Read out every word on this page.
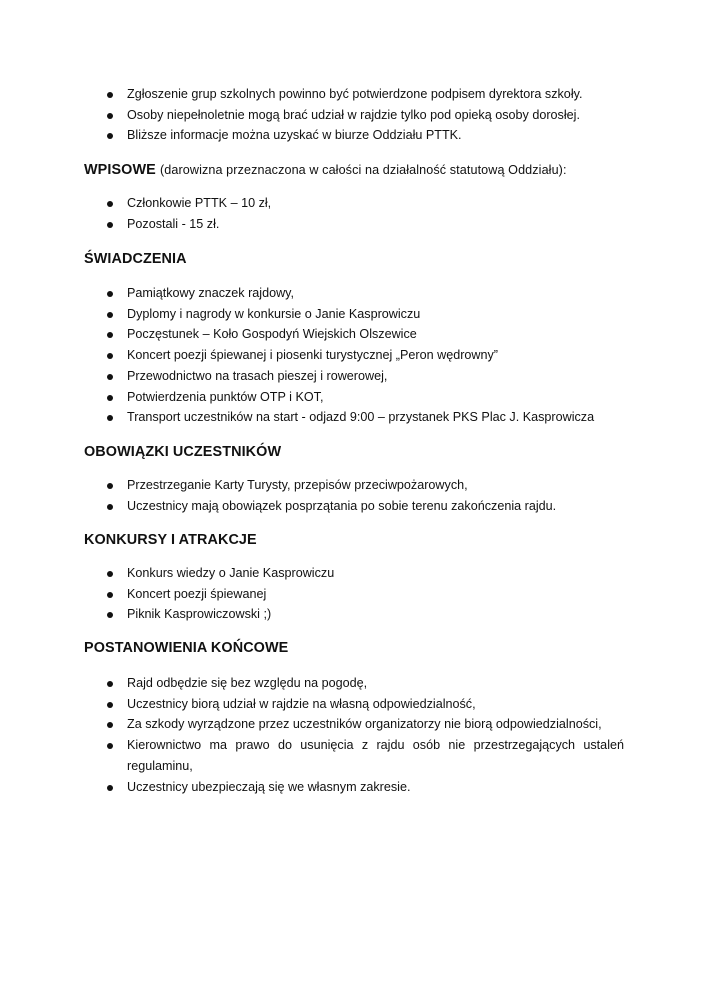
Zgłoszenie grup szkolnych powinno być potwierdzone podpisem dyrektora szkoły.
Osoby niepełnoletnie mogą brać udział w rajdzie tylko pod opieką osoby dorosłej.
Bliższe informacje można uzyskać w biurze Oddziału PTTK.
WPISOWE (darowizna przeznaczona w całości na działalność statutową Oddziału):
Członkowie PTTK – 10 zł,
Pozostali - 15 zł.
ŚWIADCZENIA
Pamiątkowy znaczek rajdowy,
Dyplomy i nagrody w konkursie o Janie Kasprowiczu
Poczęstunek – Koło Gospodyń Wiejskich Olszewice
Koncert poezji śpiewanej i piosenki turystycznej „Peron wędrowny”
Przewodnictwo na trasach pieszej i rowerowej,
Potwierdzenia punktów OTP i KOT,
Transport uczestników na start - odjazd 9:00 – przystanek PKS Plac J. Kasprowicza
OBOWIĄZKI UCZESTNIKÓW
Przestrzeganie Karty Turysty, przepisów przeciwpożarowych,
Uczestnicy mają obowiązek posprzątania po sobie terenu zakończenia rajdu.
KONKURSY I ATRAKCJE
Konkurs wiedzy o Janie Kasprowiczu
Koncert poezji śpiewanej
Piknik Kasprowiczowski ;)
POSTANOWIENIA KOŃCOWE
Rajd odbędzie się bez względu na pogodę,
Uczestnicy biorą udział w rajdzie na własną odpowiedzialność,
Za szkody wyrządzone przez uczestników organizatorzy nie biorą odpowiedzialności,
Kierownictwo ma prawo do usunięcia z rajdu osób nie przestrzegających ustaleń
regulaminu,
Uczestnicy ubezpieczają się we własnym zakresie.
